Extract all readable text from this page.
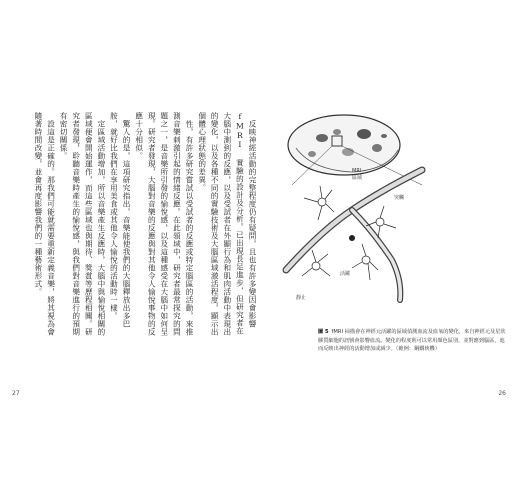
反映神經活動的完整程度仍有疑問，且也有許多變因會影響 fMRI 實驗的設計及分析。已出現長足進步，但研究者在大腦中測到的反應，以及受試者在外顯行為和肌肉活動中表現出的變化，以及各種不同的實驗技術及大腦區域激活程度，顯示出個體心理狀態的差異。

性，有許多研究嘗試以受試者的反應或特定腦區的活動，來推測音樂刺激引起的情緒反應。在此領域中，研究者最常探究的問題之一，是音樂所引發的愉悅感，以及這種感受在大腦中如何呈現。研究者發現，大腦對音樂的反應與對其他令人愉悅事物的反應十分相似。

驚人的是，這項研究指出，音樂能使我們的大腦釋放出多巴胺，就好比我們在享用美食或其他令人愉悅的活動時一樣。

定區域活動增加，所以音樂產生反應時，大腦中與愉悅相關的區域便會開始運作，而這些區域也與期待、獎賞等歷程相關。研究者發現，聆聽音樂時產生的愉悅感，與我們對音樂進行的預期有密切關係。

設這是正確的。那我們可能就需要重新定義音樂，將其視為會隨著時間改變，並會再度影響我們的一種藝術形式。

27
MRI
區域
突觸
活躍
靜止
圖 5 fMRI 掃描會在神經元活躍的區域偵測血流及血氧的變化，來自神經元及星狀膠質細胞的訊號會影響血流。變化的程度則可以常用顏色區別，並對應到腦區，進而反映出神經的活動增加或減少。（範例：鋼鐵俠機）
26
